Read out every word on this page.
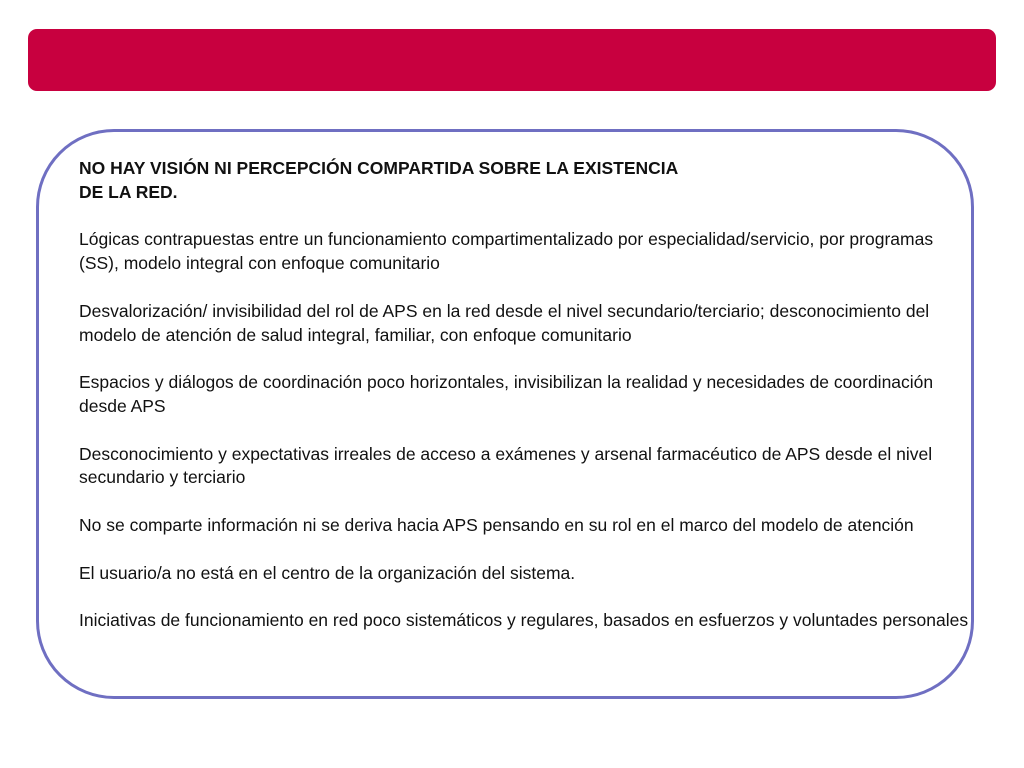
NO HAY VISIÓN NI PERCEPCIÓN COMPARTIDA SOBRE LA EXISTENCIA DE LA RED.

Lógicas contrapuestas entre un funcionamiento compartimentalizado por especialidad/servicio, por programas (SS), modelo integral con enfoque comunitario

Desvalorización/ invisibilidad del rol de APS en la red desde el nivel secundario/terciario; desconocimiento del modelo de atención de salud integral, familiar, con enfoque comunitario

Espacios y diálogos de coordinación poco horizontales, invisibilizan la realidad y necesidades de coordinación desde APS

Desconocimiento y expectativas irreales de acceso a exámenes y arsenal farmacéutico de APS desde el nivel secundario y terciario

No se comparte información ni se deriva hacia APS pensando en su rol en el marco del modelo de atención

El usuario/a no está en el centro de la organización del sistema.

Iniciativas de funcionamiento en red poco sistemáticos y regulares, basados en esfuerzos y voluntades personales
